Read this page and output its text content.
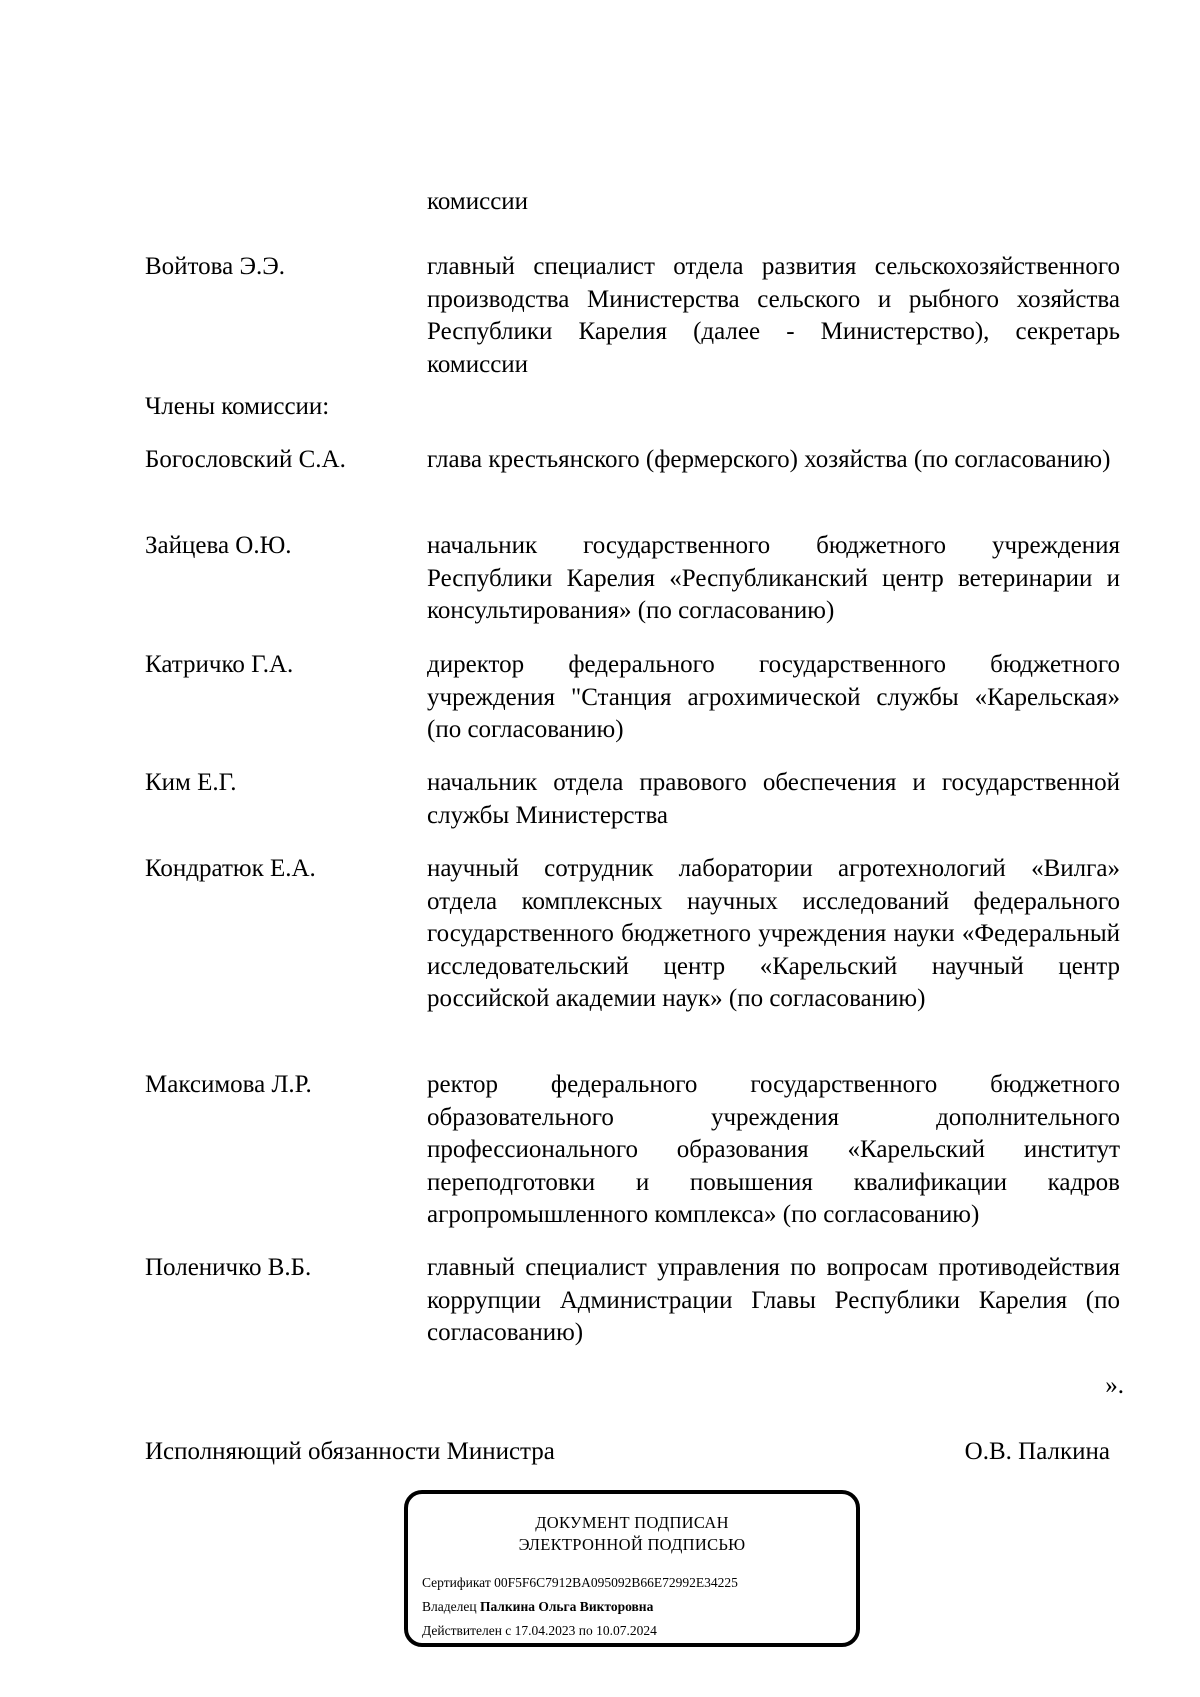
комиссии
Войтова Э.Э.	главный специалист отдела развития сельскохозяйственного производства Министерства сельского и рыбного хозяйства Республики Карелия (далее - Министерство), секретарь комиссии
Члены комиссии:
Богословский С.А.	глава крестьянского (фермерского) хозяйства (по согласованию)
Зайцева О.Ю.	начальник государственного бюджетного учреждения Республики Карелия «Республиканский центр ветеринарии и консультирования» (по согласованию)
Катричко Г.А.	директор федерального государственного бюджетного учреждения "Станция агрохимической службы «Карельская» (по согласованию)
Ким Е.Г.	начальник отдела правового обеспечения и государственной службы Министерства
Кондратюк Е.А.	научный сотрудник лаборатории агротехнологий «Вилга» отдела комплексных научных исследований федерального государственного бюджетного учреждения науки «Федеральный исследовательский центр «Карельский научный центр российской академии наук» (по согласованию)
Максимова Л.Р.	ректор федерального государственного бюджетного образовательного учреждения дополнительного профессионального образования «Карельский институт переподготовки и повышения квалификации кадров агропромышленного комплекса» (по согласованию)
Поленичко В.Б.	главный специалист управления по вопросам противодействия коррупции Администрации Главы Республики Карелия (по согласованию)
».
Исполняющий обязанности Министра	О.В. Палкина
ДОКУМЕНТ ПОДПИСАН
ЭЛЕКТРОННОЙ ПОДПИСЬЮ
Сертификат 00F5F6C7912BA095092B66E72992E34225
Владелец Палкина Ольга Викторовна
Действителен с 17.04.2023 по 10.07.2024
